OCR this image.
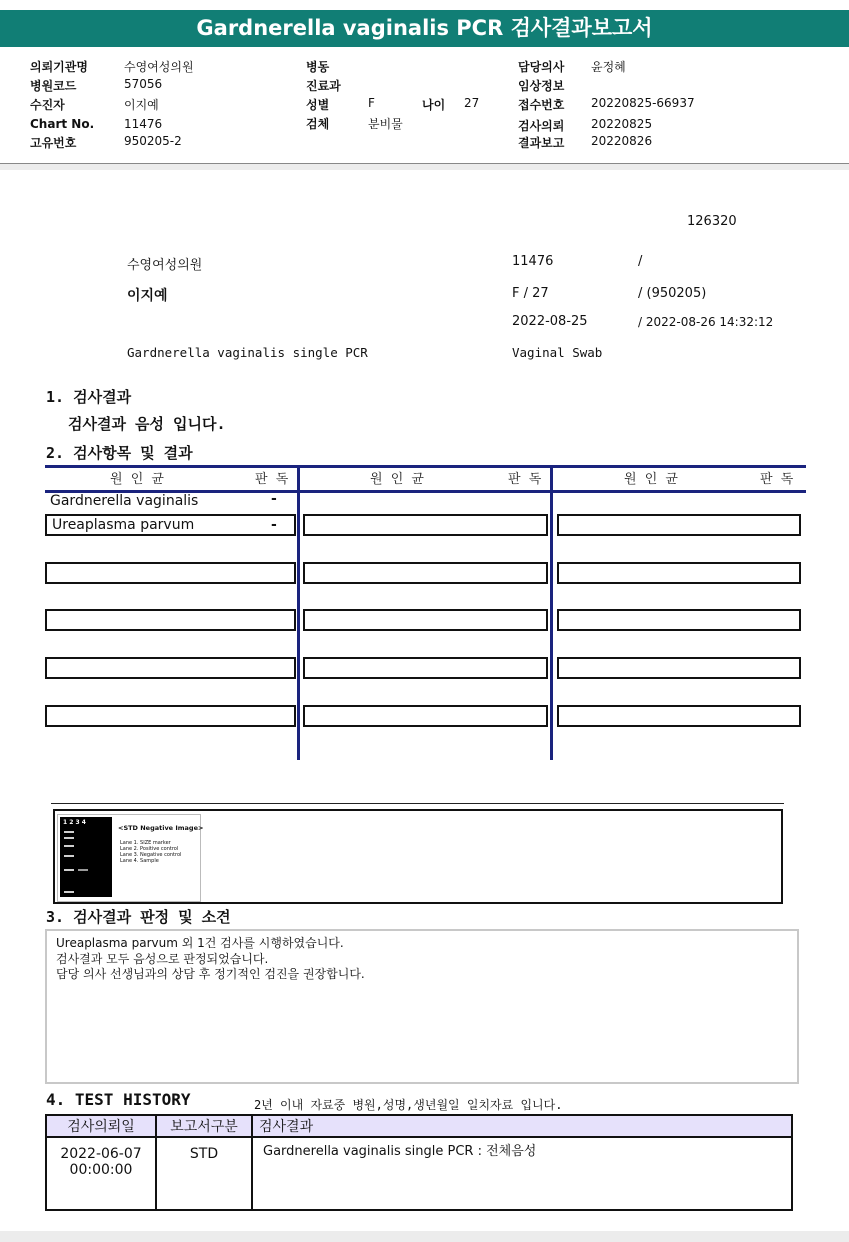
Gardnerella vaginalis PCR 검사결과보고서
의뢰기관명	수영여성의원
병원코드	57056
수진자	이지예
Chart No. 11476
고유번호	950205-2
병동
진료과
성별	F	나이 27
검체	분비물
담당의사 윤정혜
임상정보
접수번호 20220825-66937
검사의뢰 20220825
결과보고 20220826
126320
수영여성의원	11476	/
이지예	F / 27	/ (950205)
2022-08-25	/ 2022-08-26 14:32:12
Gardnerella vaginalis single PCR	Vaginal Swab
1. 검사결과
검사결과 음성 입니다.
2. 검사항목 및 결과
원 인 균	판 독	원 인 균	판 독	원 인 균	판 독
Gardnerella vaginalis	-
Ureaplasma parvum	-
1 2 3 4
<STD Negative Image>
Lane 1. SIZE marker
Lane 2. Positive control
Lane 3. Negative control
Lane 4. Sample
3. 검사결과 판정 및 소견
Ureaplasma parvum 외 1건 검사를 시행하였습니다.
검사결과 모두 음성으로 판정되었습니다.
담당 의사 선생님과의 상담 후 정기적인 검진을 권장합니다.
4. TEST HISTORY	2년 이내 자료중 병원,성명,생년월일 일치자료 입니다.
검사의뢰일	보고서구분	검사결과

2022-06-07
00:00:00	STD	Gardnerella vaginalis single PCR : 전체음성
